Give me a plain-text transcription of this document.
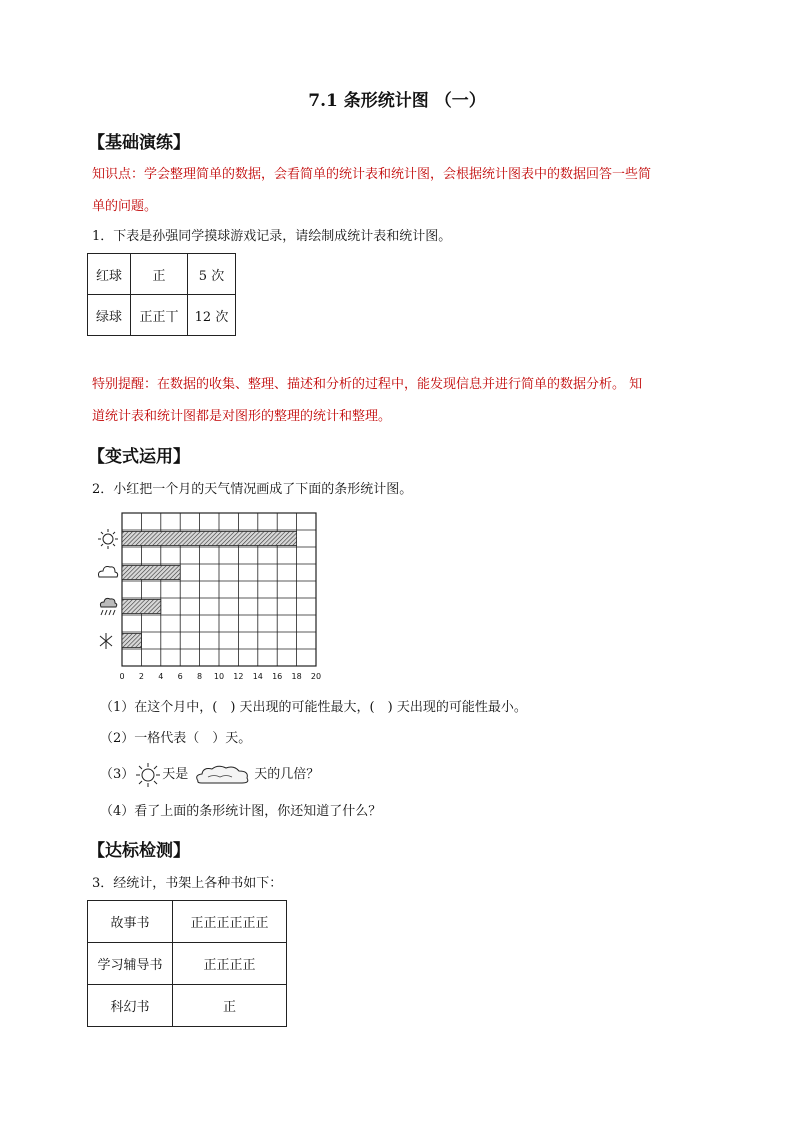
7.1 条形统计图 （一）
【基础演练】
知识点：学会整理简单的数据，会看简单的统计表和统计图，会根据统计图表中的数据回答一些简
单的问题。
1．下表是孙强同学摸球游戏记录，请绘制成统计表和统计图。
红球	正	5 次
绿球	正正丅	12 次
特别提醒：在数据的收集、整理、描述和分析的过程中，能发现信息并进行简单的数据分析。 知
道统计表和统计图都是对图形的整理的统计和整理。
【变式运用】
2．小红把一个月的天气情况画成了下面的条形统计图。
0 2 4 6 8 10 12 14 16 18 20
（1）在这个月中，(　) 天出现的可能性最大，(　) 天出现的可能性最小。
（2）一格代表（　）天。
（3） 天是	天的几倍？
（4）看了上面的条形统计图，你还知道了什么？
【达标检测】
3．经统计，书架上各种书如下：
故事书	正正正正正正
学习辅导书	正正正正
科幻书	正
